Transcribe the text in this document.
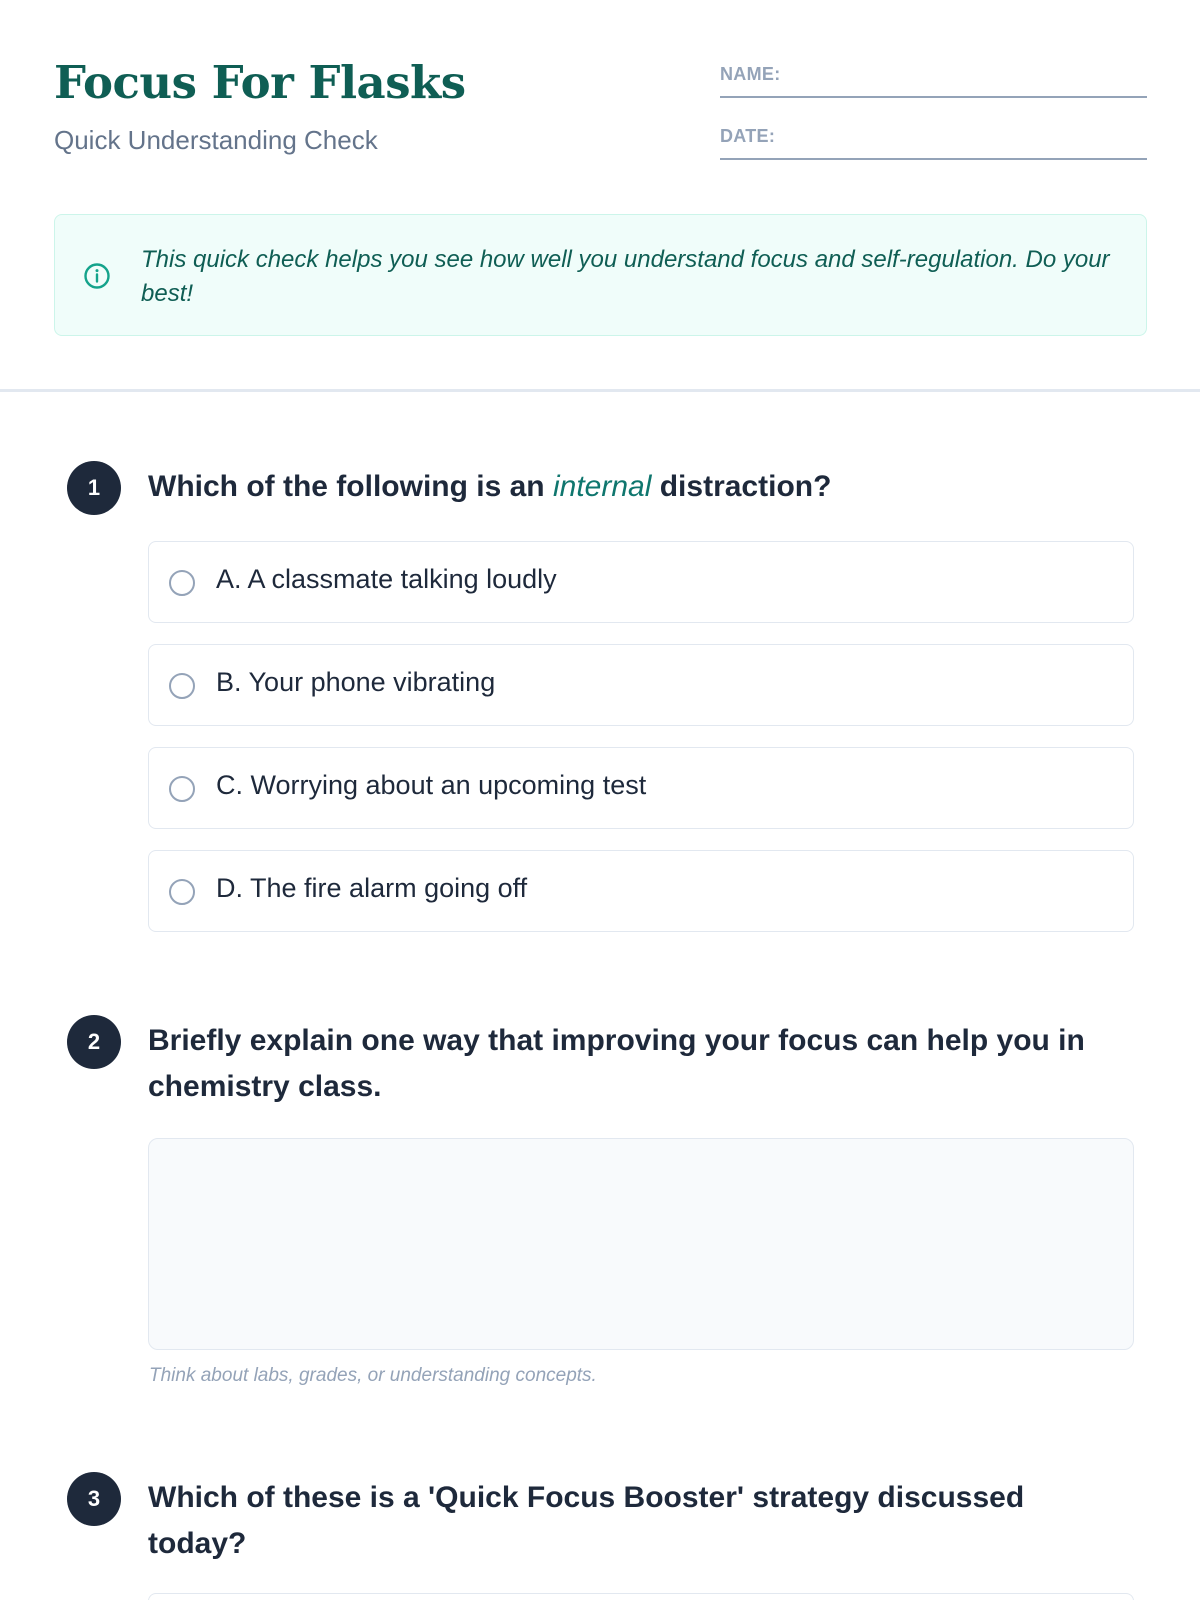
Focus For Flasks
Quick Understanding Check
NAME:
DATE:
This quick check helps you see how well you understand focus and self-regulation. Do your best!
1	Which of the following is an internal distraction?
A. A classmate talking loudly
B. Your phone vibrating
C. Worrying about an upcoming test
D. The fire alarm going off
2	Briefly explain one way that improving your focus can help you in chemistry class.
Think about labs, grades, or understanding concepts.
3	Which of these is a 'Quick Focus Booster' strategy discussed today?
